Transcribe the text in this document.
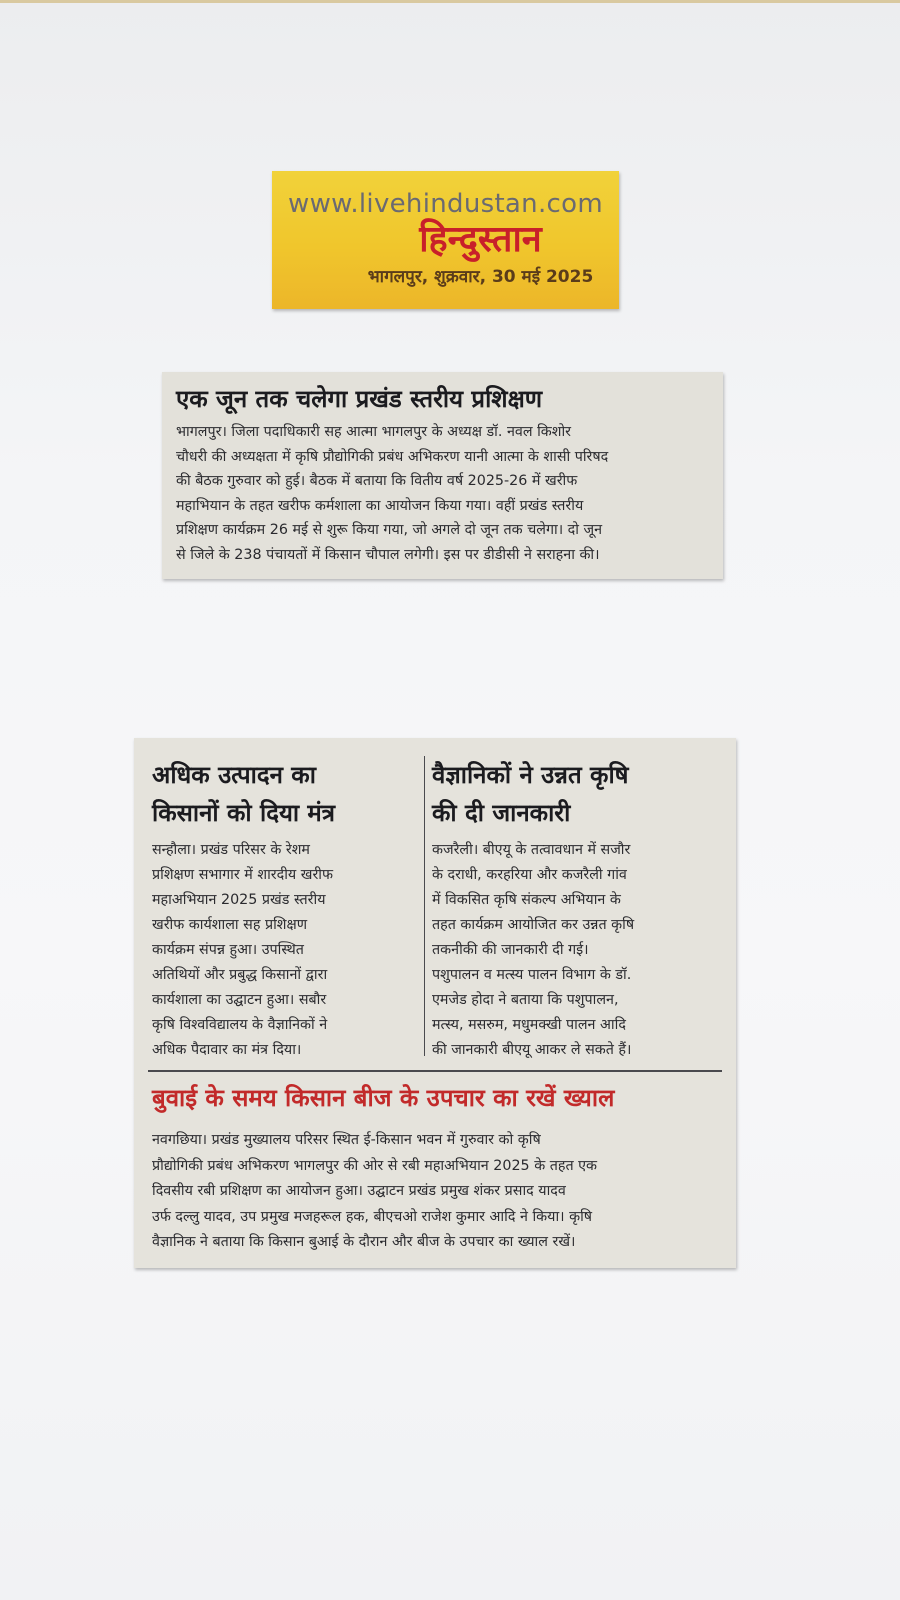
www.livehindustan.com
हिन्दुस्तान
भागलपुर, शुक्रवार, 30 मई 2025
एक जून तक चलेगा प्रखंड स्तरीय प्रशिक्षण

भागलपुर। जिला पदाधिकारी सह आत्मा भागलपुर के अध्यक्ष डॉ. नवल किशोर

चौधरी की अध्यक्षता में कृषि प्रौद्योगिकी प्रबंध अभिकरण यानी आत्मा के शासी परिषद

की बैठक गुरुवार को हुई। बैठक में बताया कि वितीय वर्ष 2025-26 में खरीफ

महाभियान के तहत खरीफ कर्मशाला का आयोजन किया गया। वहीं प्रखंड स्तरीय

प्रशिक्षण कार्यक्रम 26 मई से शुरू किया गया, जो अगले दो जून तक चलेगा। दो जून

से जिले के 238 पंचायतों में किसान चौपाल लगेगी। इस पर डीडीसी ने सराहना की।

अधिक उत्पादन का
किसानों को दिया मंत्र

सन्हौला। प्रखंड परिसर के रेशम

प्रशिक्षण सभागार में शारदीय खरीफ

महाअभियान 2025 प्रखंड स्तरीय

खरीफ कार्यशाला सह प्रशिक्षण

कार्यक्रम संपन्न हुआ। उपस्थित

अतिथियों और प्रबुद्ध किसानों द्वारा

कार्यशाला का उद्घाटन हुआ। सबौर

कृषि विश्वविद्यालय के वैज्ञानिकों ने

अधिक पैदावार का मंत्र दिया।

वैज्ञानिकों ने उन्नत कृषि
की दी जानकारी

कजरैली। बीएयू के तत्वावधान में सजौर

के दराधी, करहरिया और कजरैली गांव

में विकसित कृषि संकल्प अभियान के

तहत कार्यक्रम आयोजित कर उन्नत कृषि

तकनीकी की जानकारी दी गई।

पशुपालन व मत्स्य पालन विभाग के डॉ.

एमजेड होदा ने बताया कि पशुपालन,

मत्स्य, मसरुम, मधुमक्खी पालन आदि

की जानकारी बीएयू आकर ले सकते हैं।

बुवाई के समय किसान बीज के उपचार का रखें ख्याल

नवगछिया। प्रखंड मुख्यालय परिसर स्थित ई-किसान भवन में गुरुवार को कृषि

प्रौद्योगिकी प्रबंध अभिकरण भागलपुर की ओर से रबी महाअभियान 2025 के तहत एक

दिवसीय रबी प्रशिक्षण का आयोजन हुआ। उद्घाटन प्रखंड प्रमुख शंकर प्रसाद यादव

उर्फ दल्लु यादव, उप प्रमुख मजहरूल हक, बीएचओ राजेश कुमार आदि ने किया। कृषि

वैज्ञानिक ने बताया कि किसान बुआई के दौरान और बीज के उपचार का ख्याल रखें।
